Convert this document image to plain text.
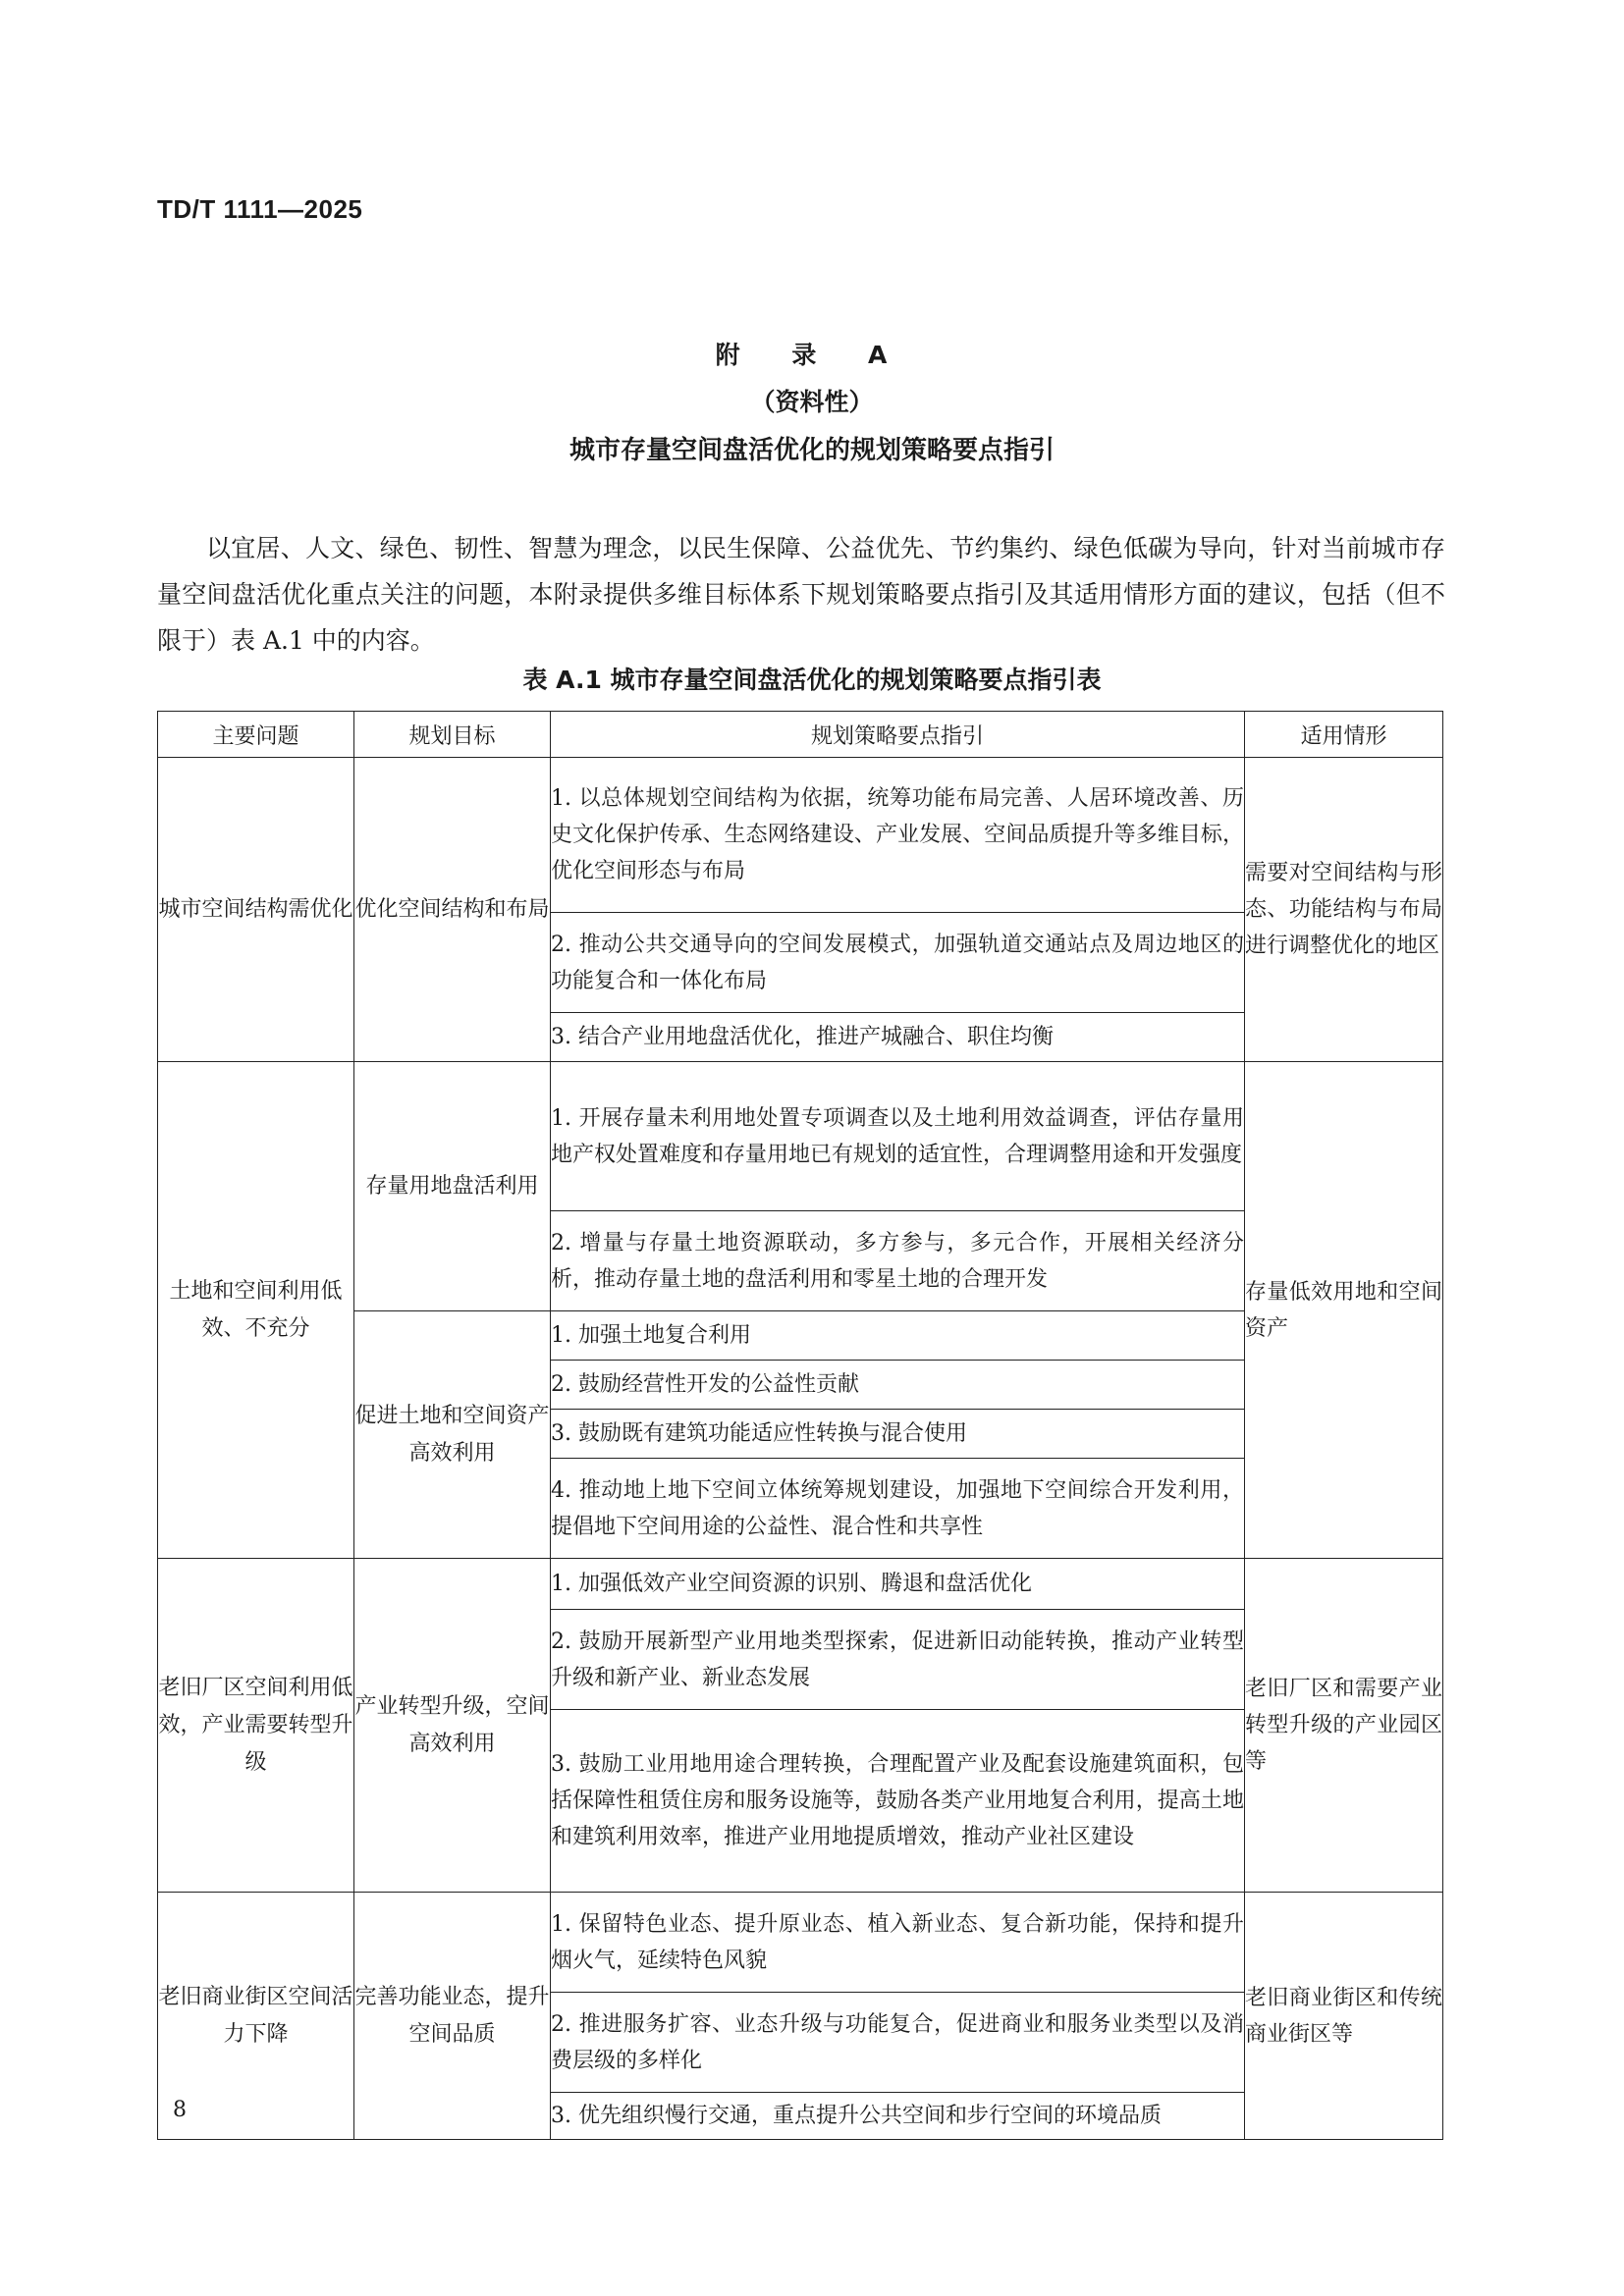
TD/T 1111—2025
附 录 A
（资料性）
城市存量空间盘活优化的规划策略要点指引

以宜居、人文、绿色、韧性、智慧为理念，以民生保障、公益优先、节约集约、绿色低碳为导向，针对当前城市存量空间盘活优化重点关注的问题，本附录提供多维目标体系下规划策略要点指引及其适用情形方面的建议，包括（但不限于）表 A.1 中的内容。

表 A.1 城市存量空间盘活优化的规划策略要点指引表
主要问题	规划目标	规划策略要点指引	适用情形
城市空间结构需优化	优化空间结构和布局	1. 以总体规划空间结构为依据，统筹功能布局完善、人居环境改善、历史文化保护传承、生态网络建设、产业发展、空间品质提升等多维目标，优化空间形态与布局	需要对空间结构与形态、功能结构与布局进行调整优化的地区
		2. 推动公共交通导向的空间发展模式，加强轨道交通站点及周边地区的功能复合和一体化布局	
		3. 结合产业用地盘活优化，推进产城融合、职住均衡	
土地和空间利用低效、不充分	存量用地盘活利用	1. 开展存量未利用地处置专项调查以及土地利用效益调查，评估存量用地产权处置难度和存量用地已有规划的适宜性，合理调整用途和开发强度	存量低效用地和空间资产
		2. 增量与存量土地资源联动，多方参与，多元合作，开展相关经济分析，推动存量土地的盘活利用和零星土地的合理开发	
	促进土地和空间资产高效利用	1. 加强土地复合利用	
		2. 鼓励经营性开发的公益性贡献	
		3. 鼓励既有建筑功能适应性转换与混合使用	
		4. 推动地上地下空间立体统筹规划建设，加强地下空间综合开发利用，提倡地下空间用途的公益性、混合性和共享性	
老旧厂区空间利用低效，产业需要转型升级	产业转型升级，空间高效利用	1. 加强低效产业空间资源的识别、腾退和盘活优化	老旧厂区和需要产业转型升级的产业园区等
		2. 鼓励开展新型产业用地类型探索，促进新旧动能转换，推动产业转型升级和新产业、新业态发展	
		3. 鼓励工业用地用途合理转换，合理配置产业及配套设施建筑面积，包括保障性租赁住房和服务设施等，鼓励各类产业用地复合利用，提高土地和建筑利用效率，推进产业用地提质增效，推动产业社区建设	
老旧商业街区空间活力下降	完善功能业态，提升空间品质	1. 保留特色业态、提升原业态、植入新业态、复合新功能，保持和提升烟火气，延续特色风貌	老旧商业街区和传统商业街区等
		2. 推进服务扩容、业态升级与功能复合，促进商业和服务业类型以及消费层级的多样化	
		3. 优先组织慢行交通，重点提升公共空间和步行空间的环境品质	
8
